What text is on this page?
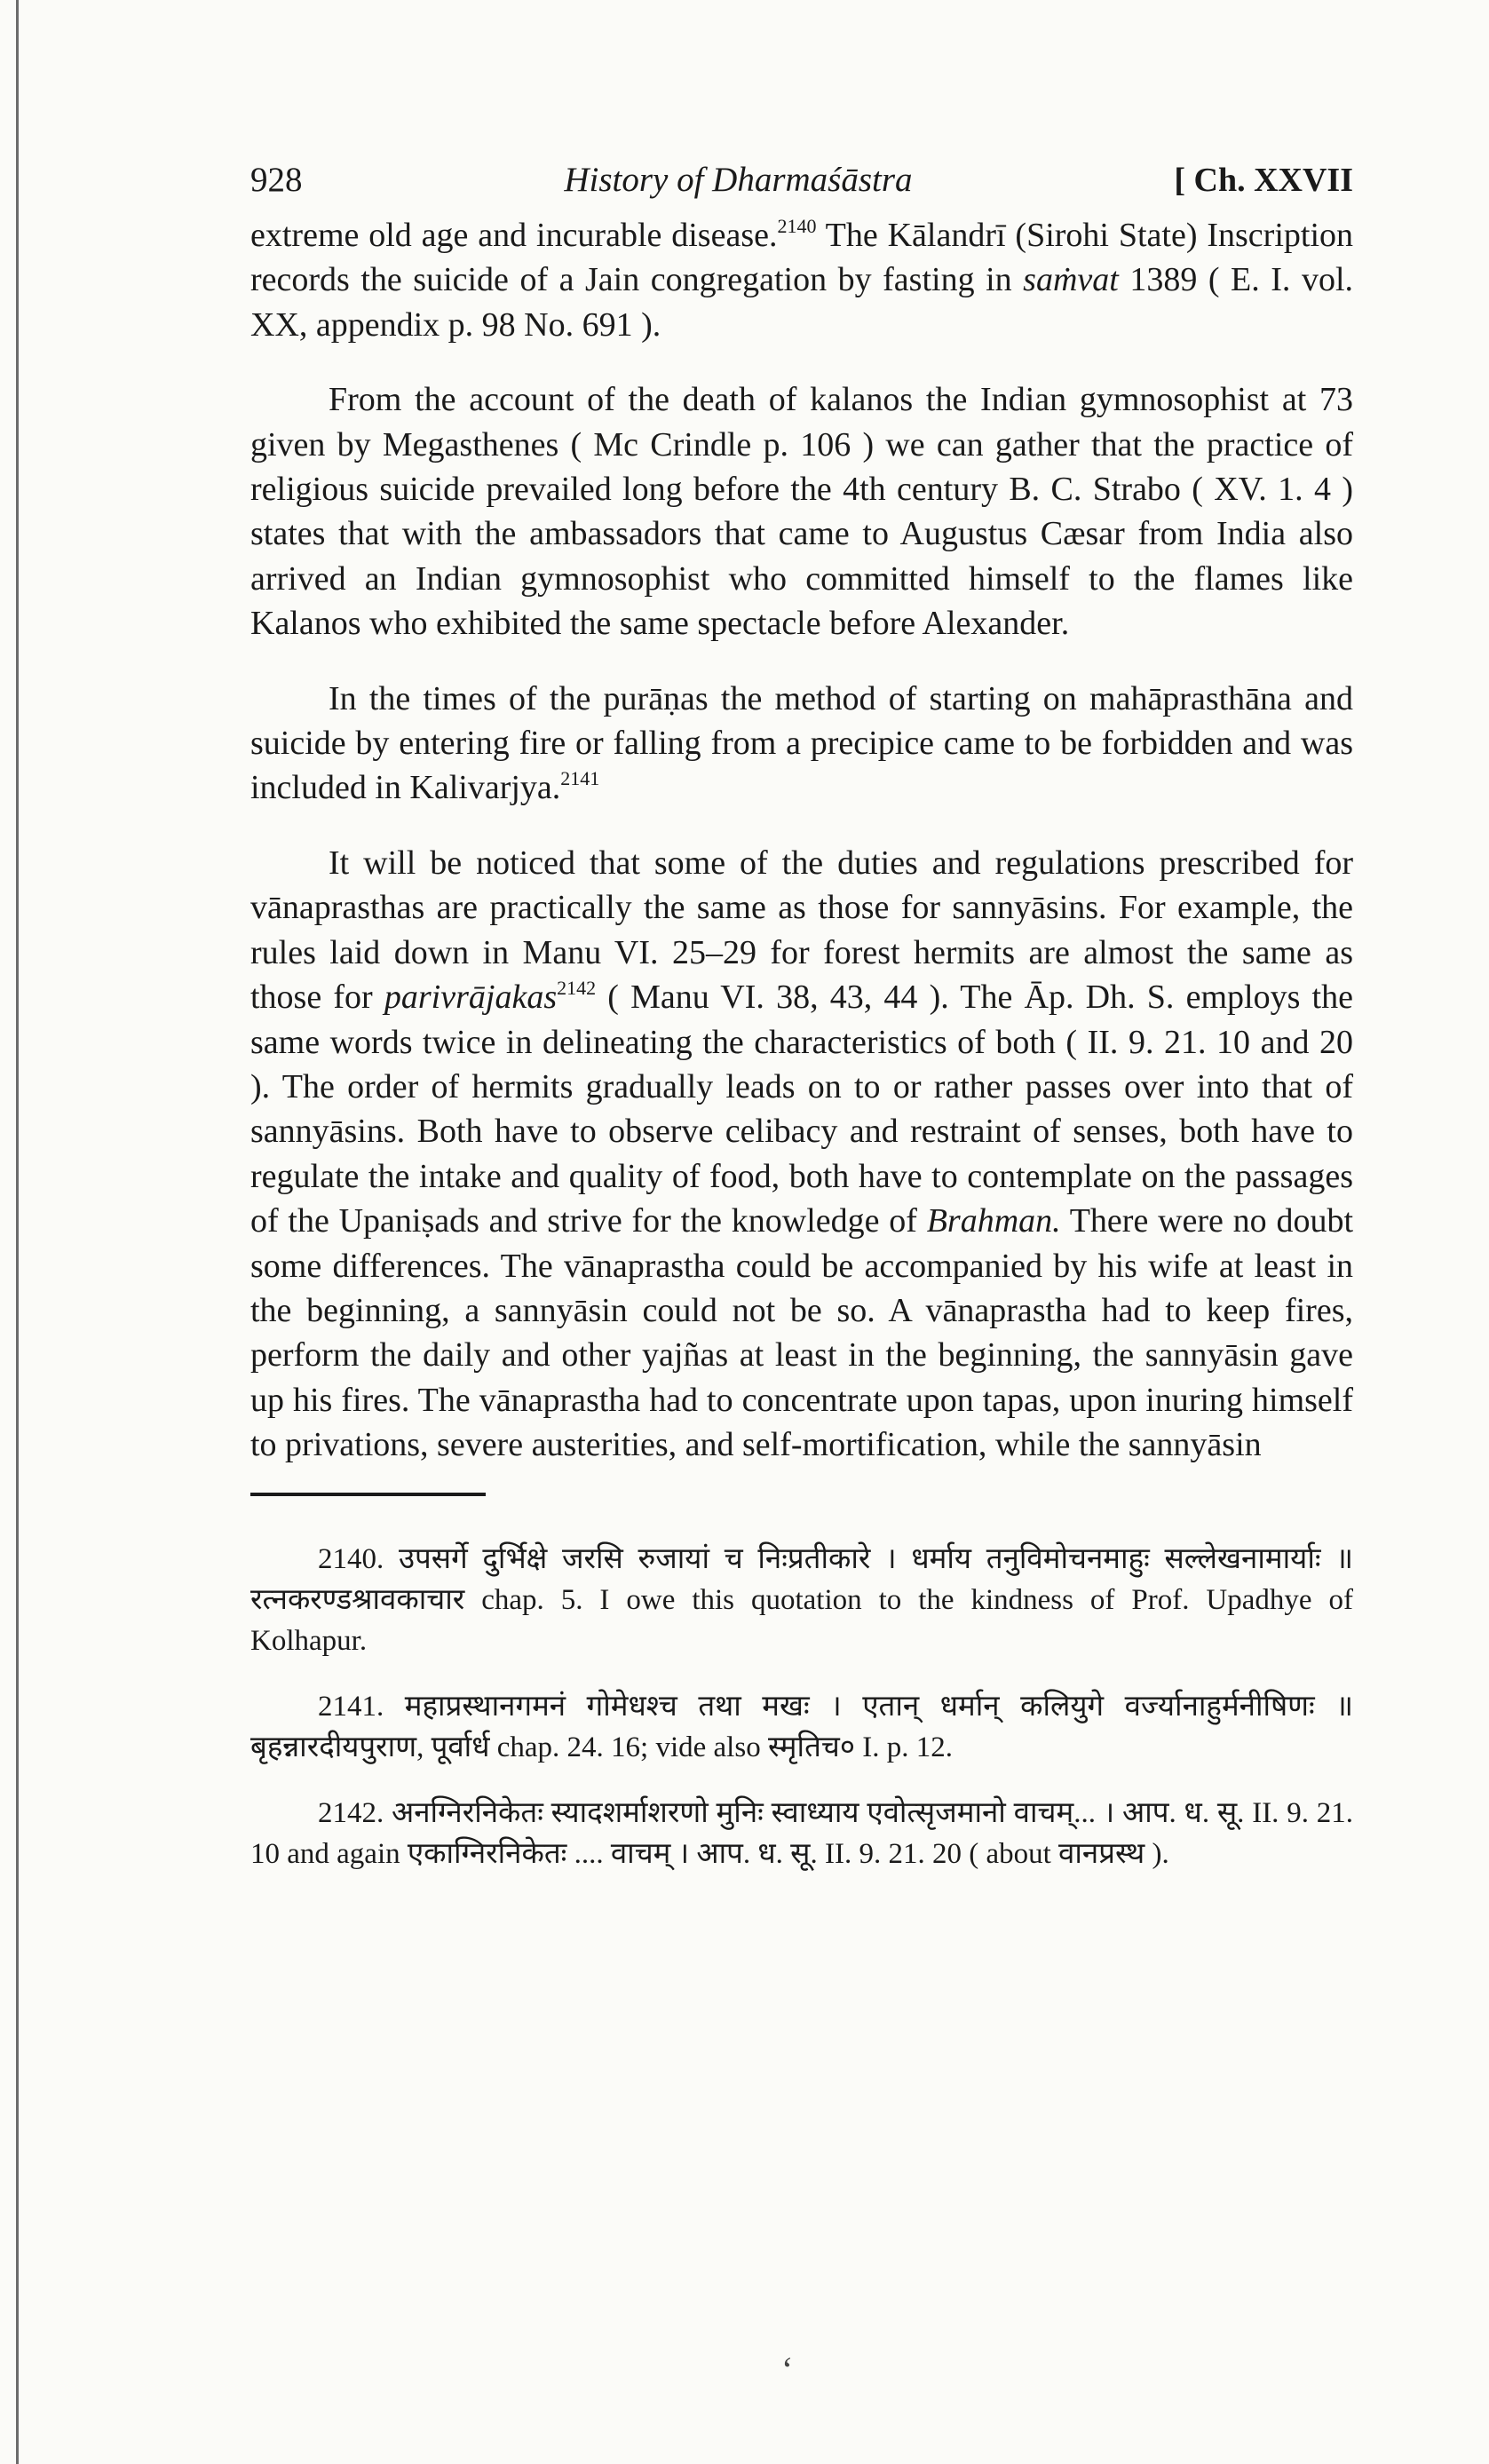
928	History of Dharmaśāstra	[ Ch. XXVII

extreme old age and incurable disease.$^{2140}$ The Kālandrī (Sirohi State) Inscription records the suicide of a Jain congregation by fasting in saṁvat 1389 ( E. I. vol. XX, appendix p. 98 No. 691 ).

From the account of the death of kalanos the Indian gymnosophist at 73 given by Megasthenes ( Mc Crindle p. 106 ) we can gather that the practice of religious suicide prevailed long before the 4th century B. C. Strabo ( XV. 1. 4 ) states that with the ambassadors that came to Augustus Cæsar from India also arrived an Indian gymnosophist who committed himself to the flames like Kalanos who exhibited the same spectacle before Alexander.

In the times of the purāṇas the method of starting on mahāprasthāna and suicide by entering fire or falling from a precipice came to be forbidden and was included in Kalivarjya.$^{2141}$

It will be noticed that some of the duties and regulations prescribed for vānaprasthas are practically the same as those for sannyāsins. For example, the rules laid down in Manu VI. 25–29 for forest hermits are almost the same as those for parivrājakas$^{2142}$ ( Manu VI. 38, 43, 44 ). The Āp. Dh. S. employs the same words twice in delineating the characteristics of both ( II. 9. 21. 10 and 20 ). The order of hermits gradually leads on to or rather passes over into that of sannyāsins. Both have to observe celibacy and restraint of senses, both have to regulate the intake and quality of food, both have to contemplate on the passages of the Upaniṣads and strive for the knowledge of Brahman. There were no doubt some differences. The vānaprastha could be accompanied by his wife at least in the beginning, a sannyāsin could not be so. A vānaprastha had to keep fires, perform the daily and other yajñas at least in the beginning, the sannyāsin gave up his fires. The vānaprastha had to concentrate upon tapas, upon inuring himself to privations, severe austerities, and self-mortification, while the sannyāsin

2140. उपसर्गे दुर्भिक्षे जरसि रुजायां च निःप्रतीकारे । धर्माय तनुविमोचनमाहुः सल्लेखनामार्याः ॥ रत्नकरण्डश्रावकाचार chap. 5. I owe this quotation to the kindness of Prof. Upadhye of Kolhapur.

2141. महाप्रस्थानगमनं गोमेधश्च तथा मखः । एतान् धर्मान् कलियुगे वर्ज्यानाहुर्मनीषिणः ॥ बृहन्नारदीयपुराण, पूर्वार्ध chap. 24. 16; vide also स्मृतिच० I. p. 12.

2142. अनग्निरनिकेतः स्यादशर्माशरणो मुनिः स्वाध्याय एवोत्सृजमानो वाचम्... । आप. ध. सू. II. 9. 21. 10 and again एकाग्निरनिकेतः .... वाचम् । आप. ध. सू. II. 9. 21. 20 ( about वानप्रस्थ ).

ʻ
